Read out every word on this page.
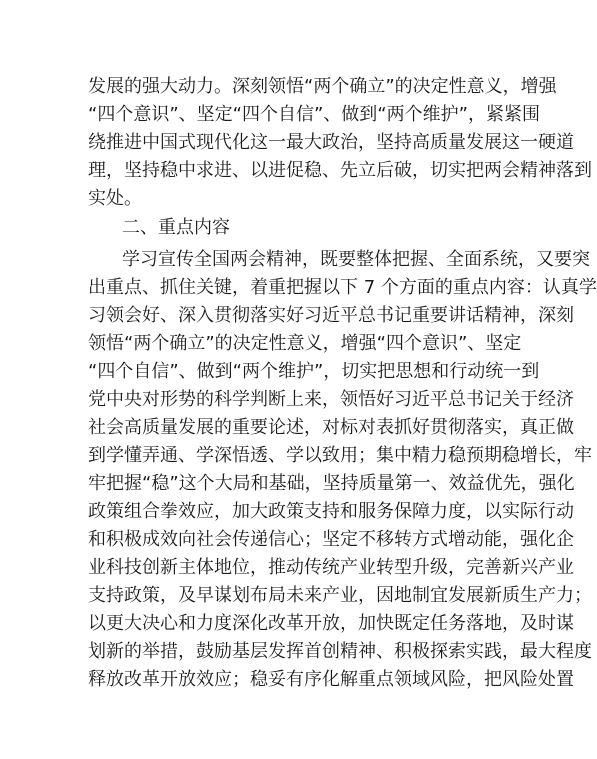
发展的强大动力。深刻领悟“两个确立”的决定性意义，增强
“四个意识”、坚定“四个自信”、做到“两个维护”，紧紧围
绕推进中国式现代化这一最大政治，坚持高质量发展这一硬道
理，坚持稳中求进、以进促稳、先立后破，切实把两会精神落到
实处。
二、重点内容
学习宣传全国两会精神，既要整体把握、全面系统，又要突
出重点、抓住关键，着重把握以下 7 个方面的重点内容：认真学
习领会好、深入贯彻落实好习近平总书记重要讲话精神，深刻
领悟“两个确立”的决定性意义，增强“四个意识”、坚定
“四个自信”、做到“两个维护”，切实把思想和行动统一到
党中央对形势的科学判断上来，领悟好习近平总书记关于经济
社会高质量发展的重要论述，对标对表抓好贯彻落实，真正做
到学懂弄通、学深悟透、学以致用；集中精力稳预期稳增长，牢
牢把握“稳”这个大局和基础，坚持质量第一、效益优先，强化
政策组合拳效应，加大政策支持和服务保障力度，以实际行动
和积极成效向社会传递信心；坚定不移转方式增动能，强化企
业科技创新主体地位，推动传统产业转型升级，完善新兴产业
支持政策，及早谋划布局未来产业，因地制宜发展新质生产力；
以更大决心和力度深化改革开放，加快既定任务落地，及时谋
划新的举措，鼓励基层发挥首创精神、积极探索实践，最大程度
释放改革开放效应；稳妥有序化解重点领域风险，把风险处置
